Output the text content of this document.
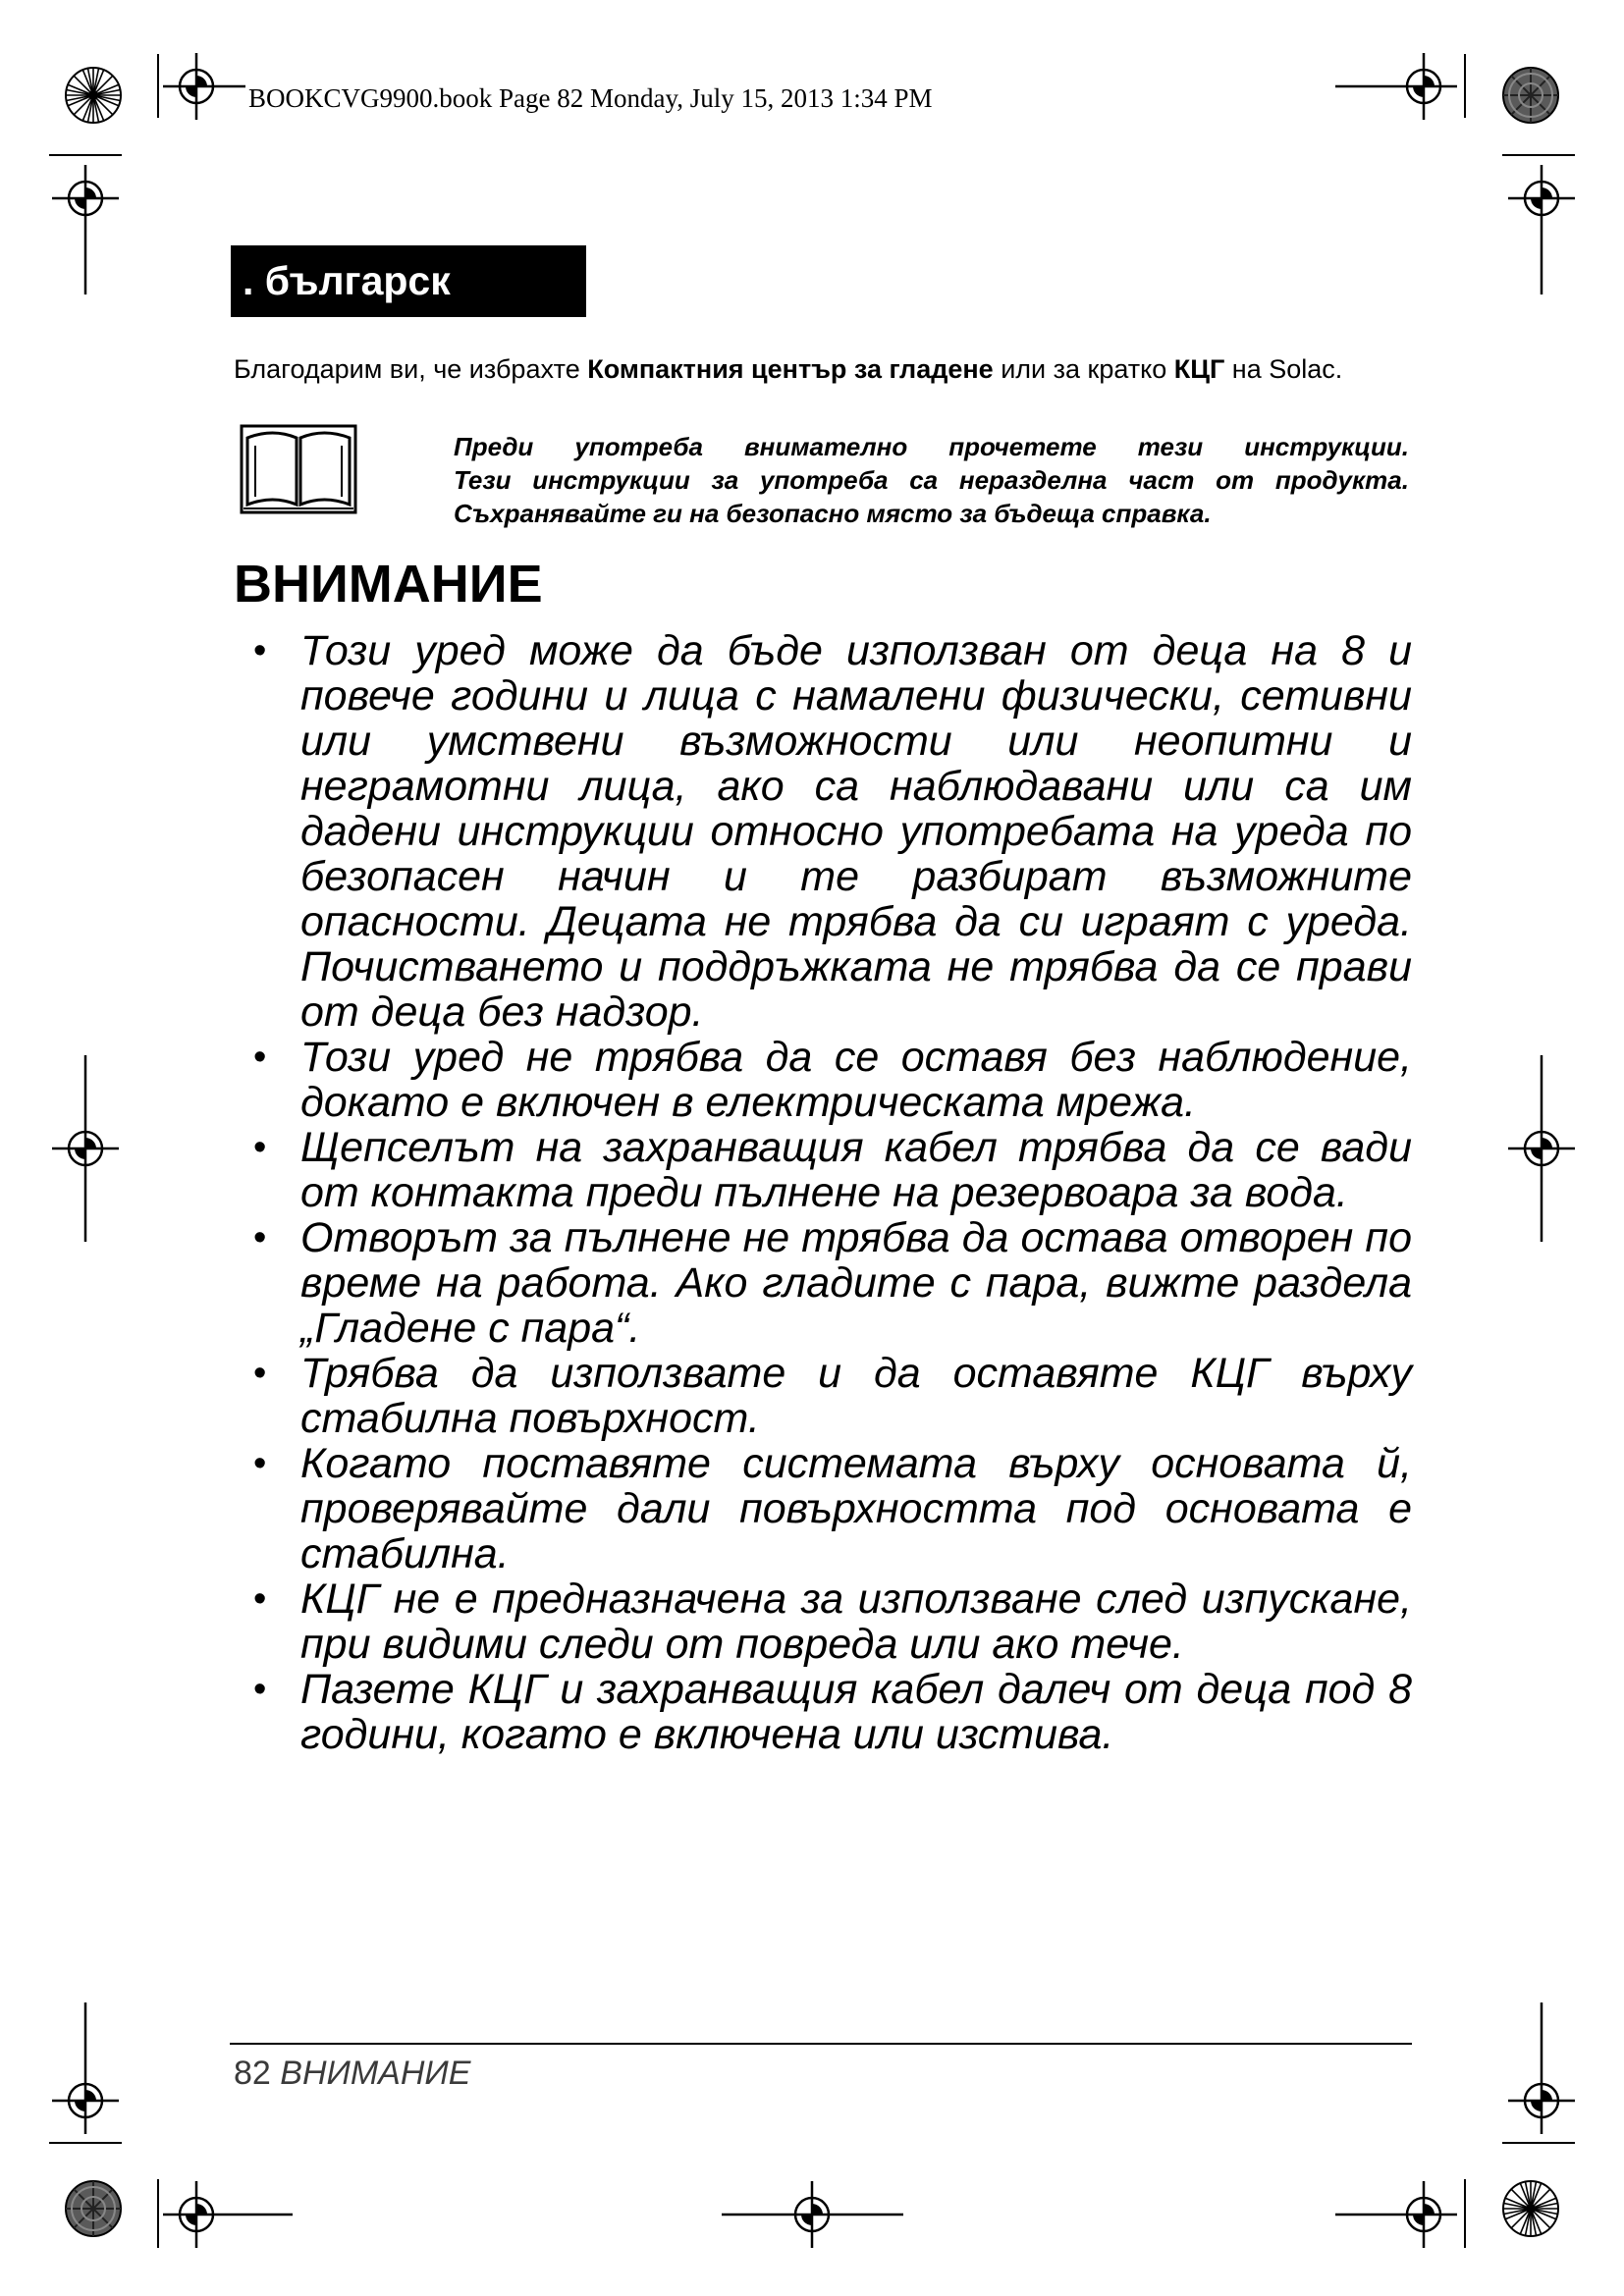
BOOKCVG9900.book Page 82 Monday, July 15, 2013 1:34 PM
. българск
Благодарим ви, че избрахте Компактния център за гладене или за кратко КЦГ на Solac.
Преди употреба внимателно прочетете тези инструкции.
Тези инструкции за употреба са неразделна част от продукта.
Съхранявайте ги на безопасно място за бъдеща справка.
ВНИМАНИЕ
• Този уред може да бъде използван от деца на 8 и повече години и лица с намалени физически, сетивни или умствени възможности или неопитни и неграмотни лица, ако са наблюдавани или са им дадени инструкции относно употребата на уреда по безопасен начин и те разбират възможните опасности. Децата не трябва да си играят с уреда. Почистването и поддръжката не трябва да се прави от деца без надзор.
• Този уред не трябва да се оставя без наблюдение, докато е включен в електрическата мрежа.
• Щепселът на захранващия кабел трябва да се вади от контакта преди пълнене на резервоара за вода.
• Отворът за пълнене не трябва да остава отворен по време на работа. Ако гладите с пара, вижте раздела „Гладене с пара“.
• Трябва да използвате и да оставяте КЦГ върху стабилна повърхност.
• Когато поставяте системата върху основата й, проверявайте дали повърхността под основата е стабилна.
• КЦГ не е предназначена за използване след изпускане, при видими следи от повреда или ако тече.
• Пазете КЦГ и захранващия кабел далеч от деца под 8 години, когато е включена или изстива.
82 ВНИМАНИЕ
